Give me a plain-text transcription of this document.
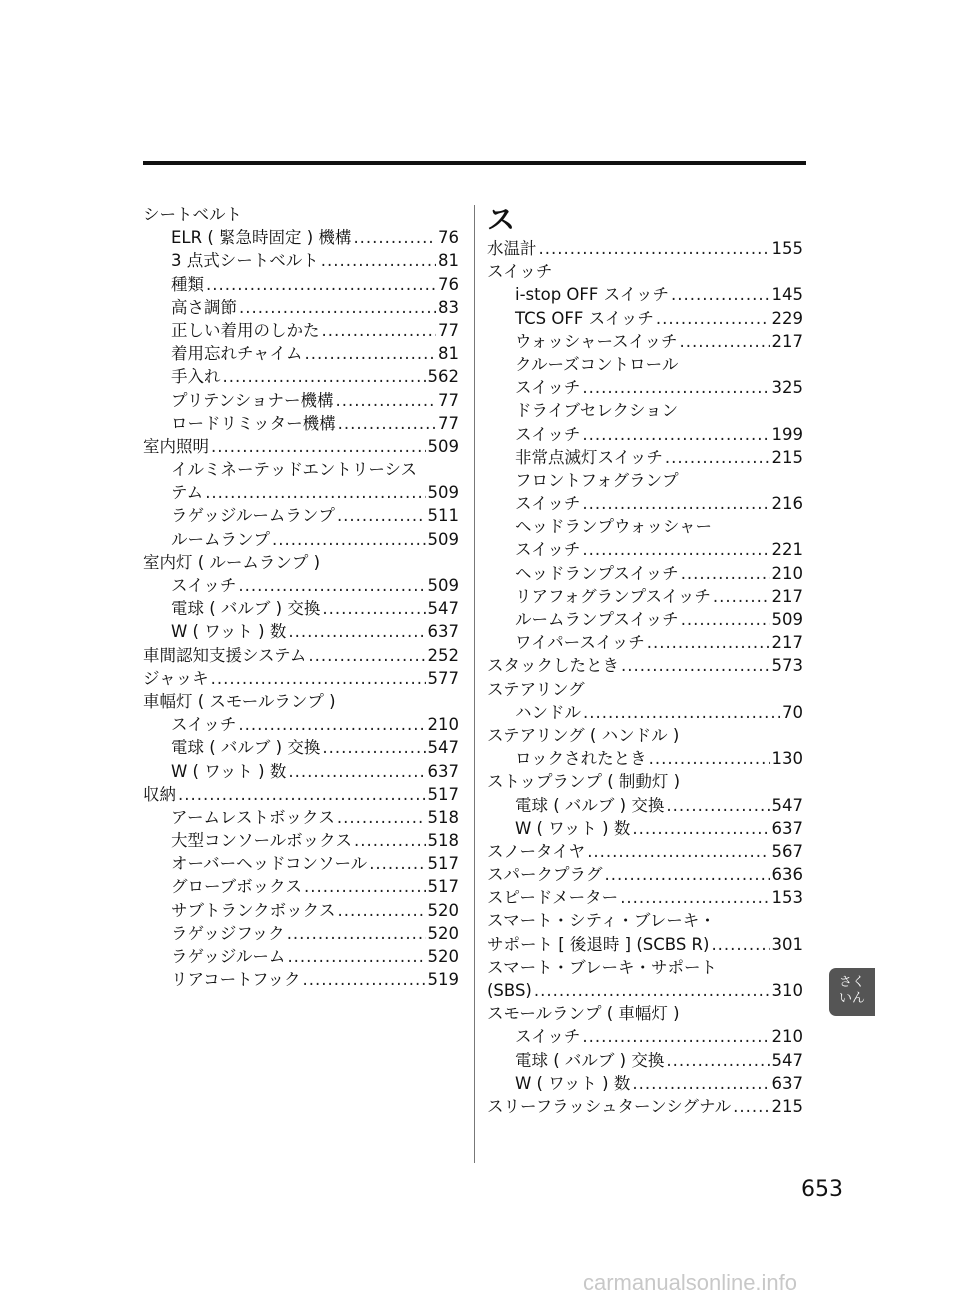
シートベルト
ELR ( 緊急時固定 ) 機構 .....	76
3 点式シートベルト .....	81
種類 .....	76
高さ調節 .....	83
正しい着用のしかた .....	77
着用忘れチャイム .....	81
手入れ .....	562
プリテンショナー機構 .....	77
ロードリミッター機構 .....	77
室内照明 .....	509
イルミネーテッドエントリーシス
テム .....	509
ラゲッジルームランプ .....	511
ルームランプ .....	509
室内灯 ( ルームランプ )
スイッチ .....	509
電球 ( バルブ ) 交換 .....	547
W ( ワット ) 数 .....	637
車間認知支援システム .....	252
ジャッキ .....	577
車幅灯 ( スモールランプ )
スイッチ .....	210
電球 ( バルブ ) 交換 .....	547
W ( ワット ) 数 .....	637
収納 .....	517
アームレストボックス .....	518
大型コンソールボックス .....	518
オーバーヘッドコンソール .....	517
グローブボックス .....	517
サブトランクボックス .....	520
ラゲッジフック .....	520
ラゲッジルーム .....	520
リアコートフック .....	519
ス
水温計 .....	155
スイッチ
i-stop OFF スイッチ .....	145
TCS OFF スイッチ .....	229
ウォッシャースイッチ .....	217
クルーズコントロール
スイッチ .....	325
ドライブセレクション
スイッチ .....	199
非常点滅灯スイッチ .....	215
フロントフォグランプ
スイッチ .....	216
ヘッドランプウォッシャー
スイッチ .....	221
ヘッドランプスイッチ .....	210
リアフォグランプスイッチ .....	217
ルームランプスイッチ .....	509
ワイパースイッチ .....	217
スタックしたとき .....	573
ステアリング
ハンドル .....	70
ステアリング ( ハンドル )
ロックされたとき .....	130
ストップランプ ( 制動灯 )
電球 ( バルブ ) 交換 .....	547
W ( ワット ) 数 .....	637
スノータイヤ .....	567
スパークプラグ .....	636
スピードメーター .....	153
スマート・シティ・ブレーキ・
サポート [ 後退時 ] (SCBS R) .....	301
スマート・ブレーキ・サポート
(SBS) .....	310
スモールランプ ( 車幅灯 )
スイッチ .....	210
電球 ( バルブ ) 交換 .....	547
W ( ワット ) 数 .....	637
スリーフラッシュターンシグナル ..... 215
さく
いん
653
carmanualsonline.info
